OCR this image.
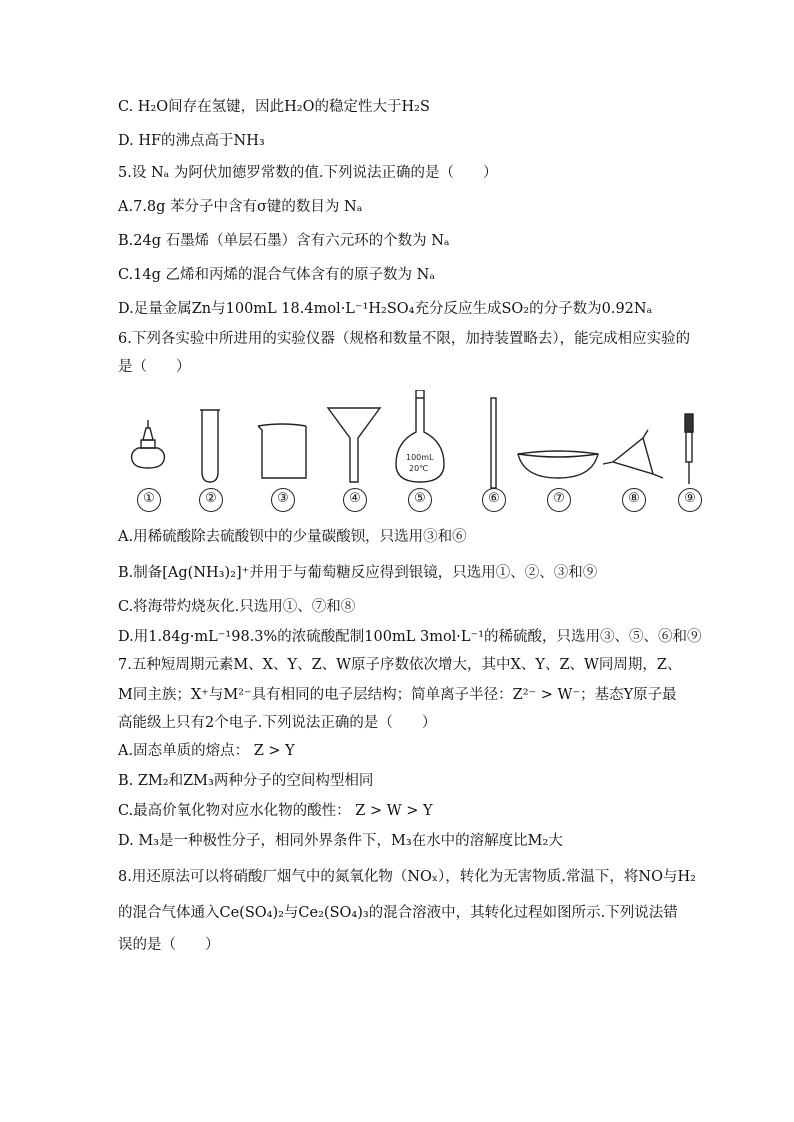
C. H₂O间存在氢键，因此H₂O的稳定性大于H₂S
D. HF的沸点高于NH₃
5.设 Nₐ 为阿伏加德罗常数的值.下列说法正确的是（　　）
A.7.8g 苯分子中含有σ键的数目为 Nₐ
B.24g 石墨烯（单层石墨）含有六元环的个数为 Nₐ
C.14g 乙烯和丙烯的混合气体含有的原子数为 Nₐ
D.足量金属Zn与100mL 18.4mol·L⁻¹H₂SO₄充分反应生成SO₂的分子数为0.92Nₐ
6.下列各实验中所进用的实验仪器（规格和数量不限，加持装置略去），能完成相应实验的
是（　　）
100mL
20℃
①	②	③	④	⑤	⑥	⑦	⑧	⑨
A.用稀硫酸除去硫酸钡中的少量碳酸钡，只选用③和⑥
B.制备[Ag(NH₃)₂]⁺并用于与葡萄糖反应得到银镜，只选用①、②、③和⑨
C.将海带灼烧灰化.只选用①、⑦和⑧
D.用1.84g·mL⁻¹98.3%的浓硫酸配制100mL 3mol·L⁻¹的稀硫酸，只选用③、⑤、⑥和⑨
7.五种短周期元素M、X、Y、Z、W原子序数依次增大，其中X、Y、Z、W同周期，Z、
M同主族；X⁺与M²⁻具有相同的电子层结构；简单离子半径：Z²⁻ > W⁻；基态Y原子最
高能级上只有2个电子.下列说法正确的是（　　）
A.固态单质的熔点： Z > Y
B. ZM₂和ZM₃两种分子的空间构型相同
C.最高价氧化物对应水化物的酸性： Z > W > Y
D. M₃是一种极性分子，相同外界条件下，M₃在水中的溶解度比M₂大
8.用还原法可以将硝酸厂烟气中的氮氧化物（NOₓ），转化为无害物质.常温下，将NO与H₂
的混合气体通入Ce(SO₄)₂与Ce₂(SO₄)₃的混合溶液中，其转化过程如图所示.下列说法错
误的是（　　）
